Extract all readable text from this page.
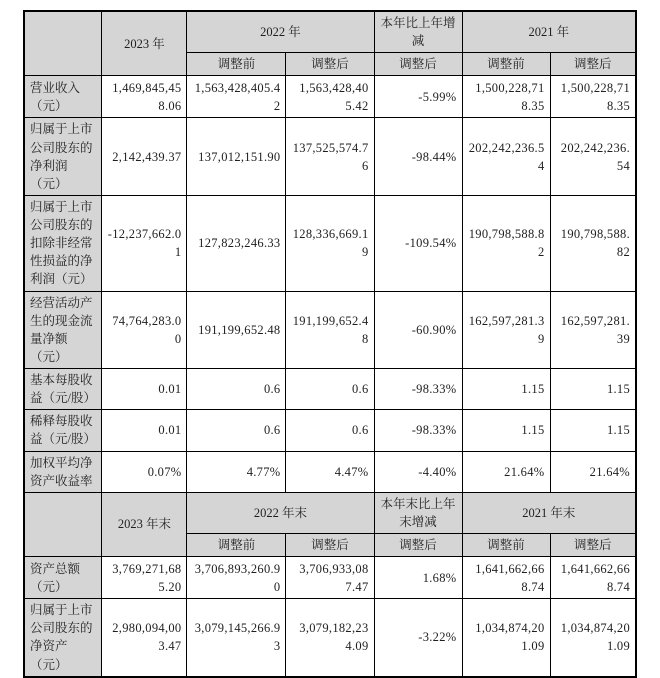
	2023 年	2022 年		本年比上年增减	2021 年	
		调整前	调整后	调整后	调整前	调整后
营业收入（元）	1,469,845,458.06	1,563,428,405.42	1,563,428,405.42	-5.99%	1,500,228,718.35	1,500,228,718.35
归属于上市公司股东的净利润（元）	2,142,439.37	137,012,151.90	137,525,574.76	-98.44%	202,242,236.54	202,242,236.54
归属于上市公司股东的扣除非经常性损益的净利润（元）	-12,237,662.01	127,823,246.33	128,336,669.19	-109.54%	190,798,588.82	190,798,588.82
经营活动产生的现金流量净额（元）	74,764,283.00	191,199,652.48	191,199,652.48	-60.90%	162,597,281.39	162,597,281.39
基本每股收益（元/股）	0.01	0.6	0.6	-98.33%	1.15	1.15
稀释每股收益（元/股）	0.01	0.6	0.6	-98.33%	1.15	1.15
加权平均净资产收益率	0.07%	4.77%	4.47%	-4.40%	21.64%	21.64%
	2023 年末	2022 年末		本年末比上年末增减	2021 年末	
		调整前	调整后	调整后	调整前	调整后
资产总额（元）	3,769,271,685.20	3,706,893,260.90	3,706,933,087.47	1.68%	1,641,662,668.74	1,641,662,668.74
归属于上市公司股东的净资产（元）	2,980,094,003.47	3,079,145,266.93	3,079,182,234.09	-3.22%	1,034,874,201.09	1,034,874,201.09
